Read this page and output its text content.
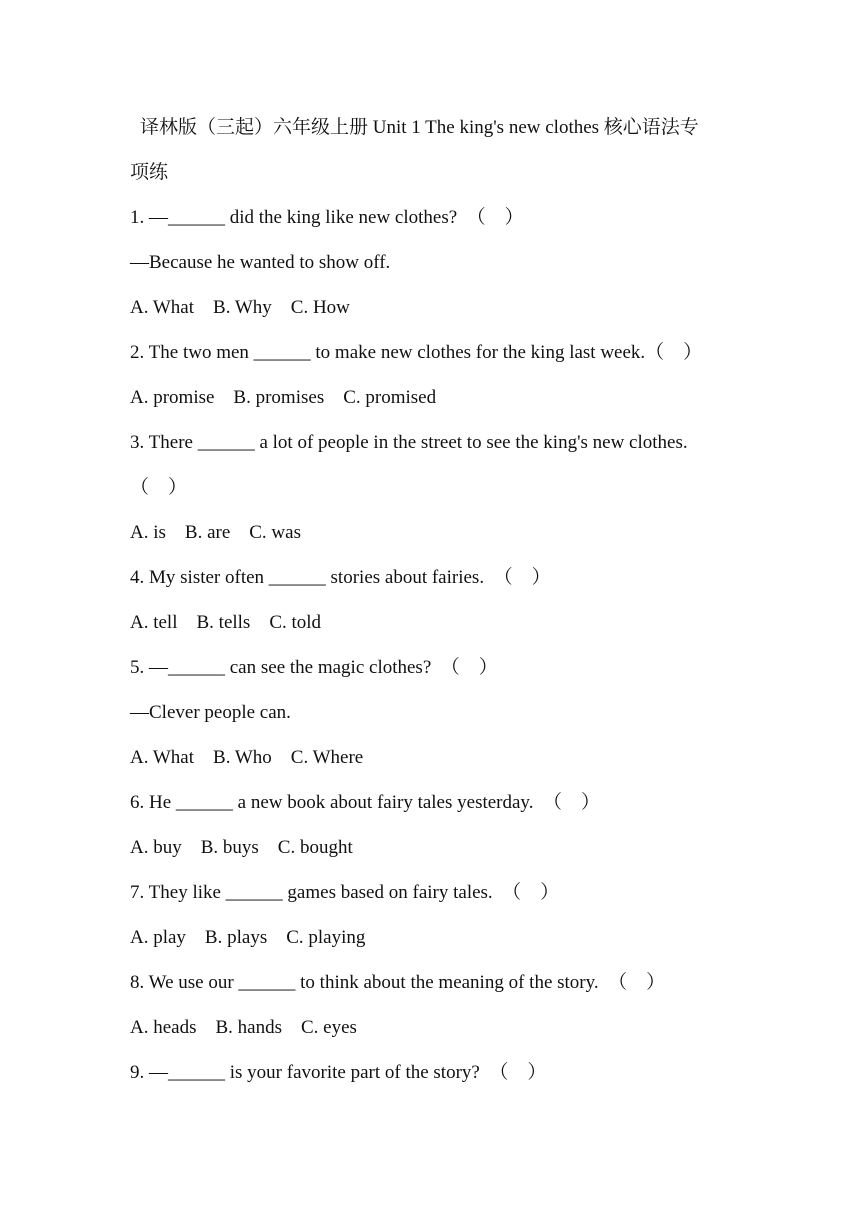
译林版（三起）六年级上册 Unit 1 The king's new clothes 核心语法专
项练
1. —______ did the king like new clothes?  （    ）
—Because he wanted to show off.
A. What    B. Why    C. How
2. The two men ______ to make new clothes for the king last week.（    ）
A. promise    B. promises    C. promised
3. There ______ a lot of people in the street to see the king's new clothes.
（    ）
A. is    B. are    C. was
4. My sister often ______ stories about fairies.  （    ）
A. tell    B. tells    C. told
5. —______ can see the magic clothes?  （    ）
—Clever people can.
A. What    B. Who    C. Where
6. He ______ a new book about fairy tales yesterday.  （    ）
A. buy    B. buys    C. bought
7. They like ______ games based on fairy tales.  （    ）
A. play    B. plays    C. playing
8. We use our ______ to think about the meaning of the story.  （    ）
A. heads    B. hands    C. eyes
9. —______ is your favorite part of the story?  （    ）
